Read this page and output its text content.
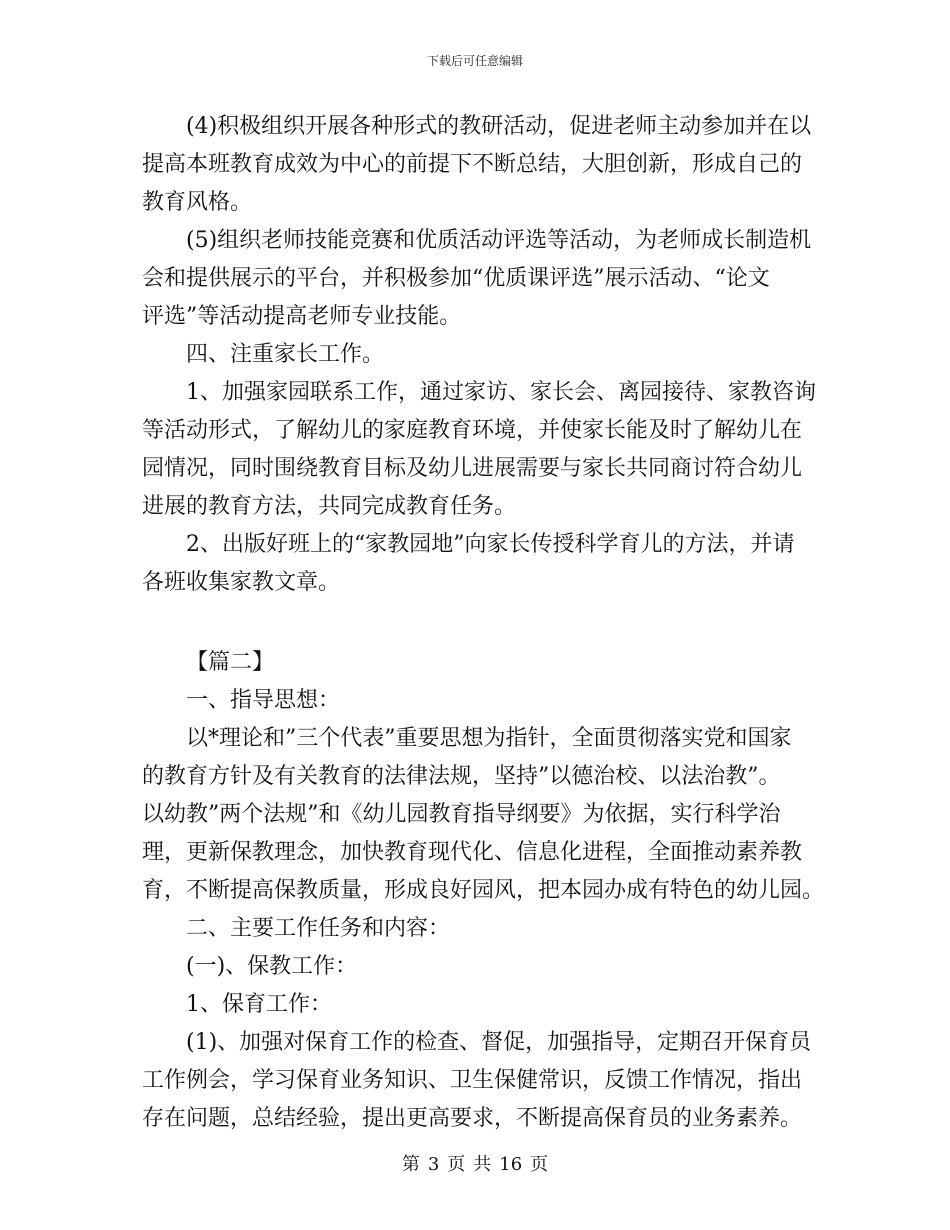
下载后可任意编辑
(4)积极组织开展各种形式的教研活动，促进老师主动参加并在以
提高本班教育成效为中心的前提下不断总结，大胆创新，形成自己的
教育风格。
(5)组织老师技能竞赛和优质活动评选等活动，为老师成长制造机
会和提供展示的平台，并积极参加“优质课评选”展示活动、“论文
评选”等活动提高老师专业技能。
四、注重家长工作。
1、加强家园联系工作，通过家访、家长会、离园接待、家教咨询
等活动形式，了解幼儿的家庭教育环境，并使家长能及时了解幼儿在
园情况，同时围绕教育目标及幼儿进展需要与家长共同商讨符合幼儿
进展的教育方法，共同完成教育任务。
2、出版好班上的“家教园地”向家长传授科学育儿的方法，并请
各班收集家教文章。
【篇二】
一、指导思想：
以*理论和”三个代表”重要思想为指针，全面贯彻落实党和国家
的教育方针及有关教育的法律法规，坚持”以德治校、以法治教”。
以幼教”两个法规”和《幼儿园教育指导纲要》为依据，实行科学治
理，更新保教理念，加快教育现代化、信息化进程，全面推动素养教
育，不断提高保教质量，形成良好园风，把本园办成有特色的幼儿园。
二、主要工作任务和内容：
(一)、保教工作：
1、保育工作：
(1)、加强对保育工作的检查、督促，加强指导，定期召开保育员
工作例会，学习保育业务知识、卫生保健常识，反馈工作情况，指出
存在问题，总结经验，提出更高要求，不断提高保育员的业务素养。
第 3 页 共 16 页
